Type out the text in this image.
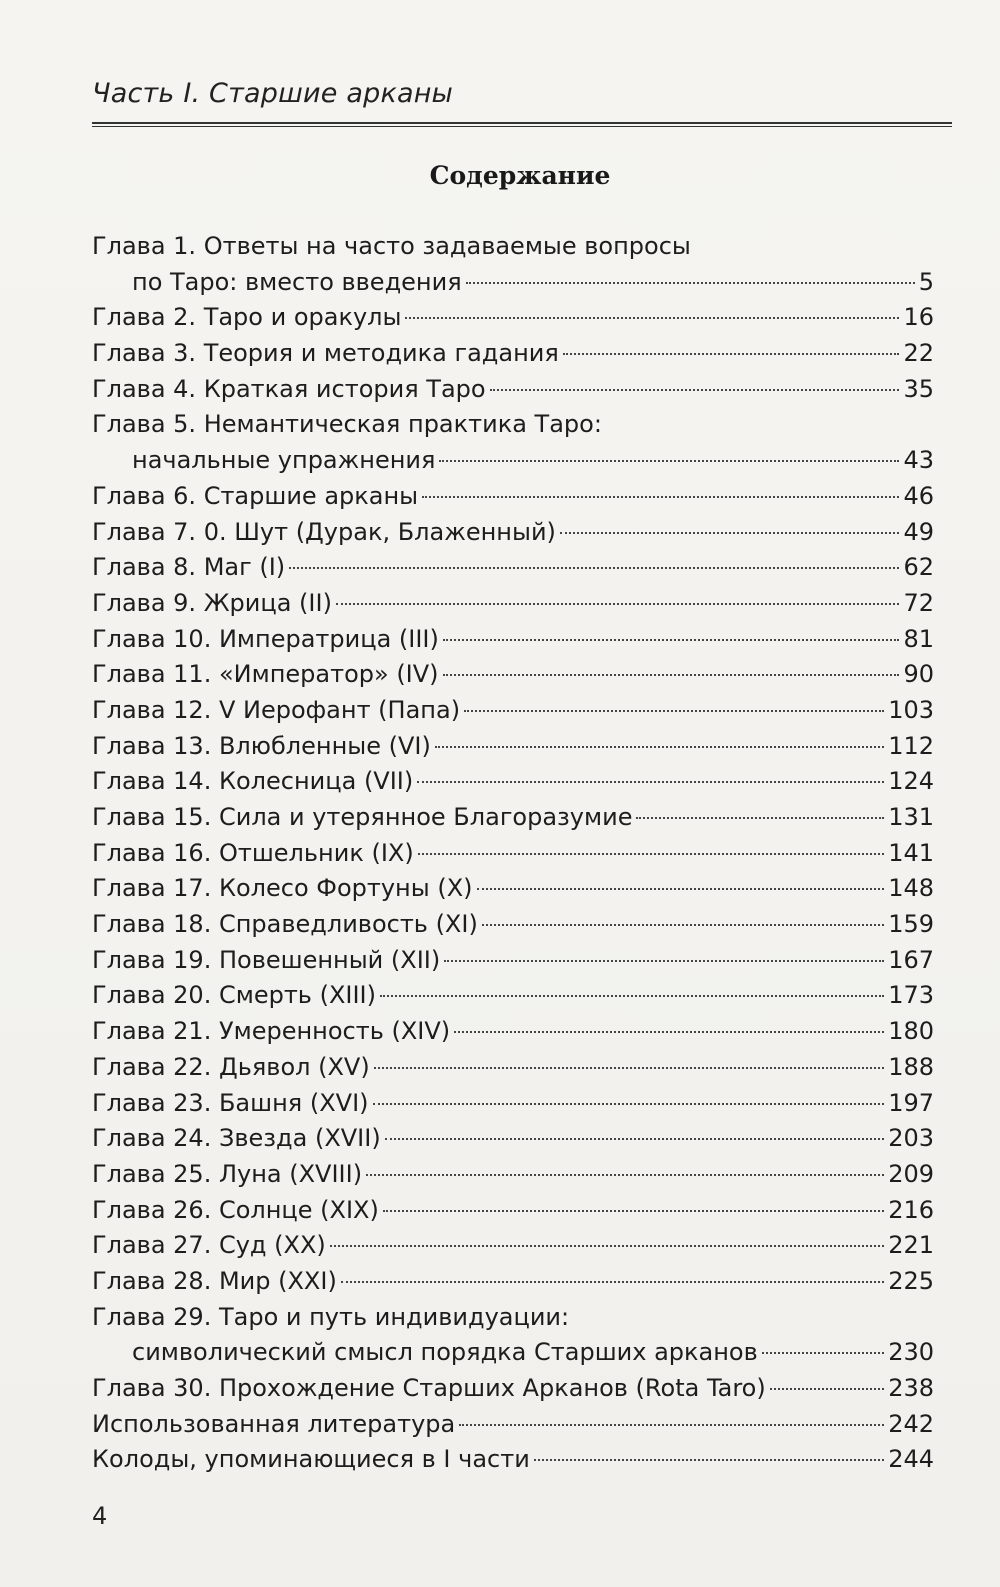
Часть I. Старшие арканы
Содержание
Глава 1. Ответы на часто задаваемые вопросы
по Таро: вместо введения	5
Глава 2. Таро и оракулы	16
Глава 3. Теория и методика гадания	22
Глава 4. Краткая история Таро	35
Глава 5. Немантическая практика Таро:
начальные упражнения	43
Глава 6. Старшие арканы	46
Глава 7. 0. Шут (Дурак, Блаженный)	49
Глава 8. Маг (I)	62
Глава 9. Жрица (II)	72
Глава 10. Императрица (III)	81
Глава 11. «Император» (IV)	90
Глава 12. V Иерофант (Папа)	103
Глава 13. Влюбленные (VI)	112
Глава 14. Колесница (VII)	124
Глава 15. Сила и утерянное Благоразумие	131
Глава 16. Отшельник (IX)	141
Глава 17. Колесо Фортуны (X)	148
Глава 18. Справедливость (XI)	159
Глава 19. Повешенный (XII)	167
Глава 20. Смерть (XIII)	173
Глава 21. Умеренность (XIV)	180
Глава 22. Дьявол (XV)	188
Глава 23. Башня (XVI)	197
Глава 24. Звезда (XVII)	203
Глава 25. Луна (XVIII)	209
Глава 26. Солнце (XIX)	216
Глава 27. Суд (XX)	221
Глава 28. Мир (XXI)	225
Глава 29. Таро и путь индивидуации:
символический смысл порядка Старших арканов	230
Глава 30. Прохождение Старших Арканов (Rota Taro)	238
Использованная литература	242
Колоды, упоминающиеся в I части	244
4
